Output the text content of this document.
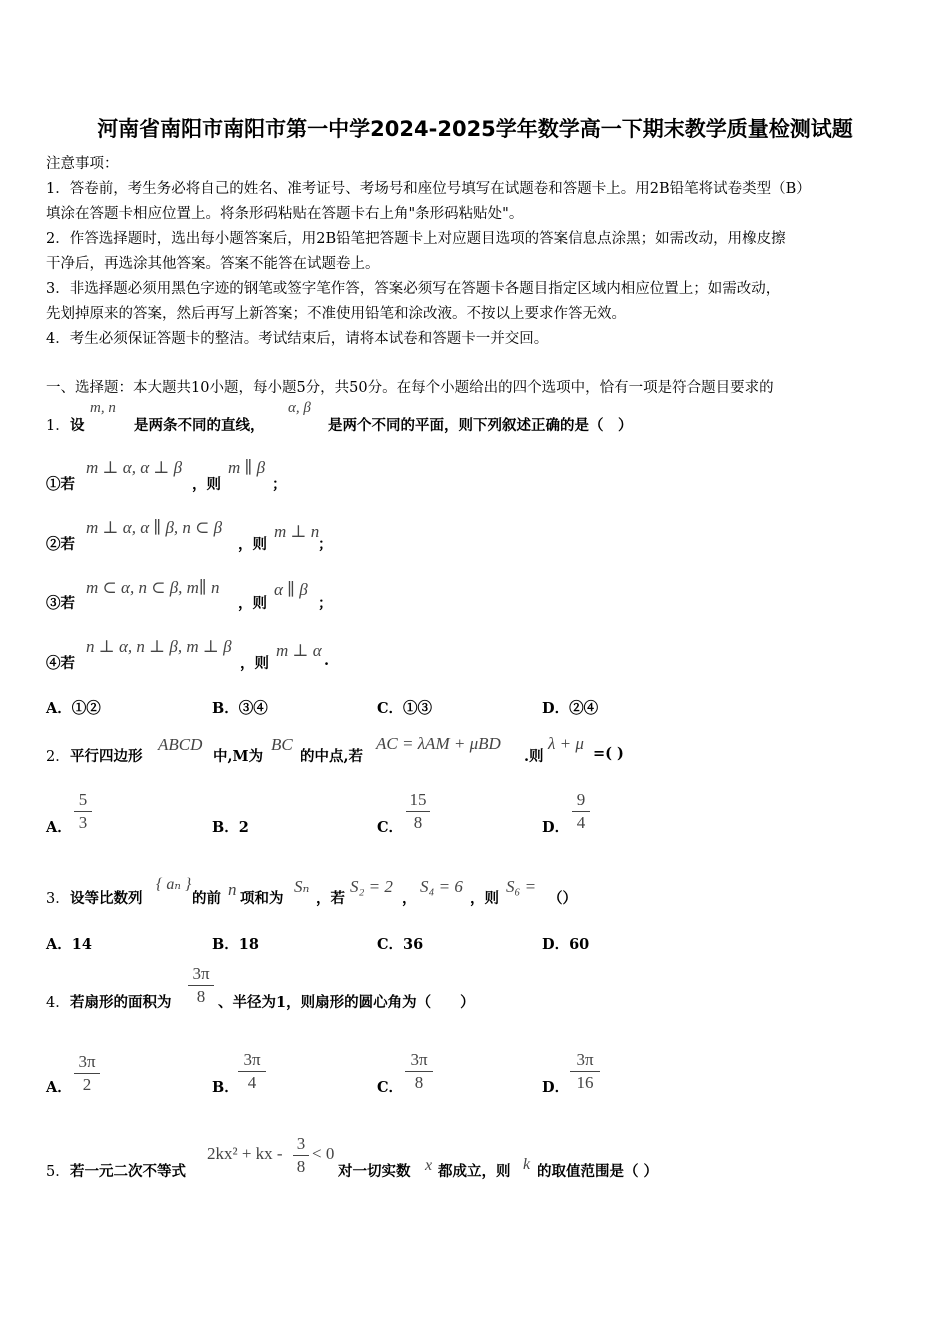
河南省南阳市南阳市第一中学2024-2025学年数学高一下期末教学质量检测试题
注意事项：
1．答卷前，考生务必将自己的姓名、准考证号、考场号和座位号填写在试题卷和答题卡上。用2B铅笔将试卷类型（B）
填涂在答题卡相应位置上。将条形码粘贴在答题卡右上角"条形码粘贴处"。
2．作答选择题时，选出每小题答案后，用2B铅笔把答题卡上对应题目选项的答案信息点涂黑；如需改动，用橡皮擦
干净后，再选涂其他答案。答案不能答在试题卷上。
3．非选择题必须用黑色字迹的钢笔或签字笔作答，答案必须写在答题卡各题目指定区域内相应位置上；如需改动，
先划掉原来的答案，然后再写上新答案；不准使用铅笔和涂改液。不按以上要求作答无效。
4．考生必须保证答题卡的整洁。考试结束后，请将本试卷和答题卡一并交回。
一、选择题：本大题共10小题，每小题5分，共50分。在每个小题给出的四个选项中，恰有一项是符合题目要求的
1． 设
m, n
是两条不同的直线，
α, β
是两个不同的平面，则下列叙述正确的是（　）
①若
m ⊥ α, α ⊥ β
，则
m ∥ β
；
②若
m ⊥ α, α ∥ β, n ⊂ β
，则
m ⊥ n
；
③若
m ⊂ α, n ⊂ β, m∥ n
，则
α ∥ β
；
④若
n ⊥ α, n ⊥ β, m ⊥ β
，则
m ⊥ α
.
A．①②	B．③④	C．①③	D．②④
2． 平行四边形
ABCD
中,M为
BC
的中点,若
AC = λAM + μBD
.则
λ + μ
=( )
A．
5
3	B．2	C．
15
8	D．
9
4
3． 设等比数列
{ aₙ }
的前 n 项和为
Sₙ
，若
S₂ = 2
，
S₄ = 6
，则
S₆ =
（）
A．14	B．18	C．36	D．60
4． 若扇形的面积为
3π
8 、半径为1，则扇形的圆心角为（　　）
A．
3π
2	B．
3π
4	C．
3π
8	D．
3π
16
5． 若一元二次不等式
2kx² + kx -
3
8
< 0
对一切实数 x 都成立，则 k 的取值范围是（ ）
